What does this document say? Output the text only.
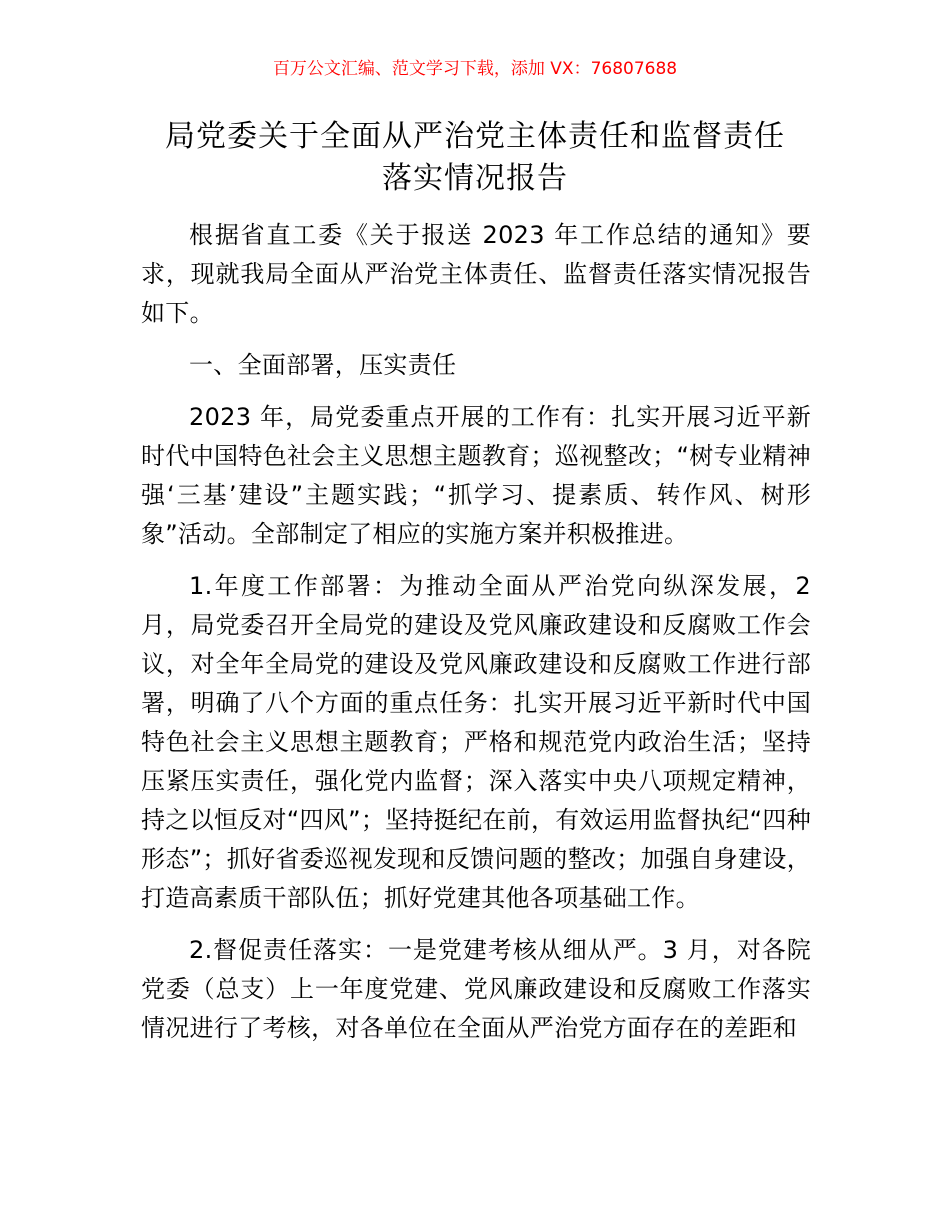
百万公文汇编、范文学习下载，添加 VX：76807688
局党委关于全面从严治党主体责任和监督责任
落实情况报告

根据省直工委《关于报送 2023 年工作总结的通知》要求，现就我局全面从严治党主体责任、监督责任落实情况报告如下。

一、全面部署，压实责任

2023 年，局党委重点开展的工作有：扎实开展习近平新时代中国特色社会主义思想主题教育；巡视整改；“树专业精神强‘三基’建设”主题实践；“抓学习、提素质、转作风、树形象”活动。全部制定了相应的实施方案并积极推进。

1.年度工作部署：为推动全面从严治党向纵深发展，2月，局党委召开全局党的建设及党风廉政建设和反腐败工作会议，对全年全局党的建设及党风廉政建设和反腐败工作进行部署，明确了八个方面的重点任务：扎实开展习近平新时代中国特色社会主义思想主题教育；严格和规范党内政治生活；坚持压紧压实责任，强化党内监督；深入落实中央八项规定精神，持之以恒反对“四风”；坚持挺纪在前，有效运用监督执纪“四种形态”；抓好省委巡视发现和反馈问题的整改；加强自身建设，打造高素质干部队伍；抓好党建其他各项基础工作。

2.督促责任落实：一是党建考核从细从严。3 月，对各院党委（总支）上一年度党建、党风廉政建设和反腐败工作落实情况进行了考核，对各单位在全面从严治党方面存在的差距和
